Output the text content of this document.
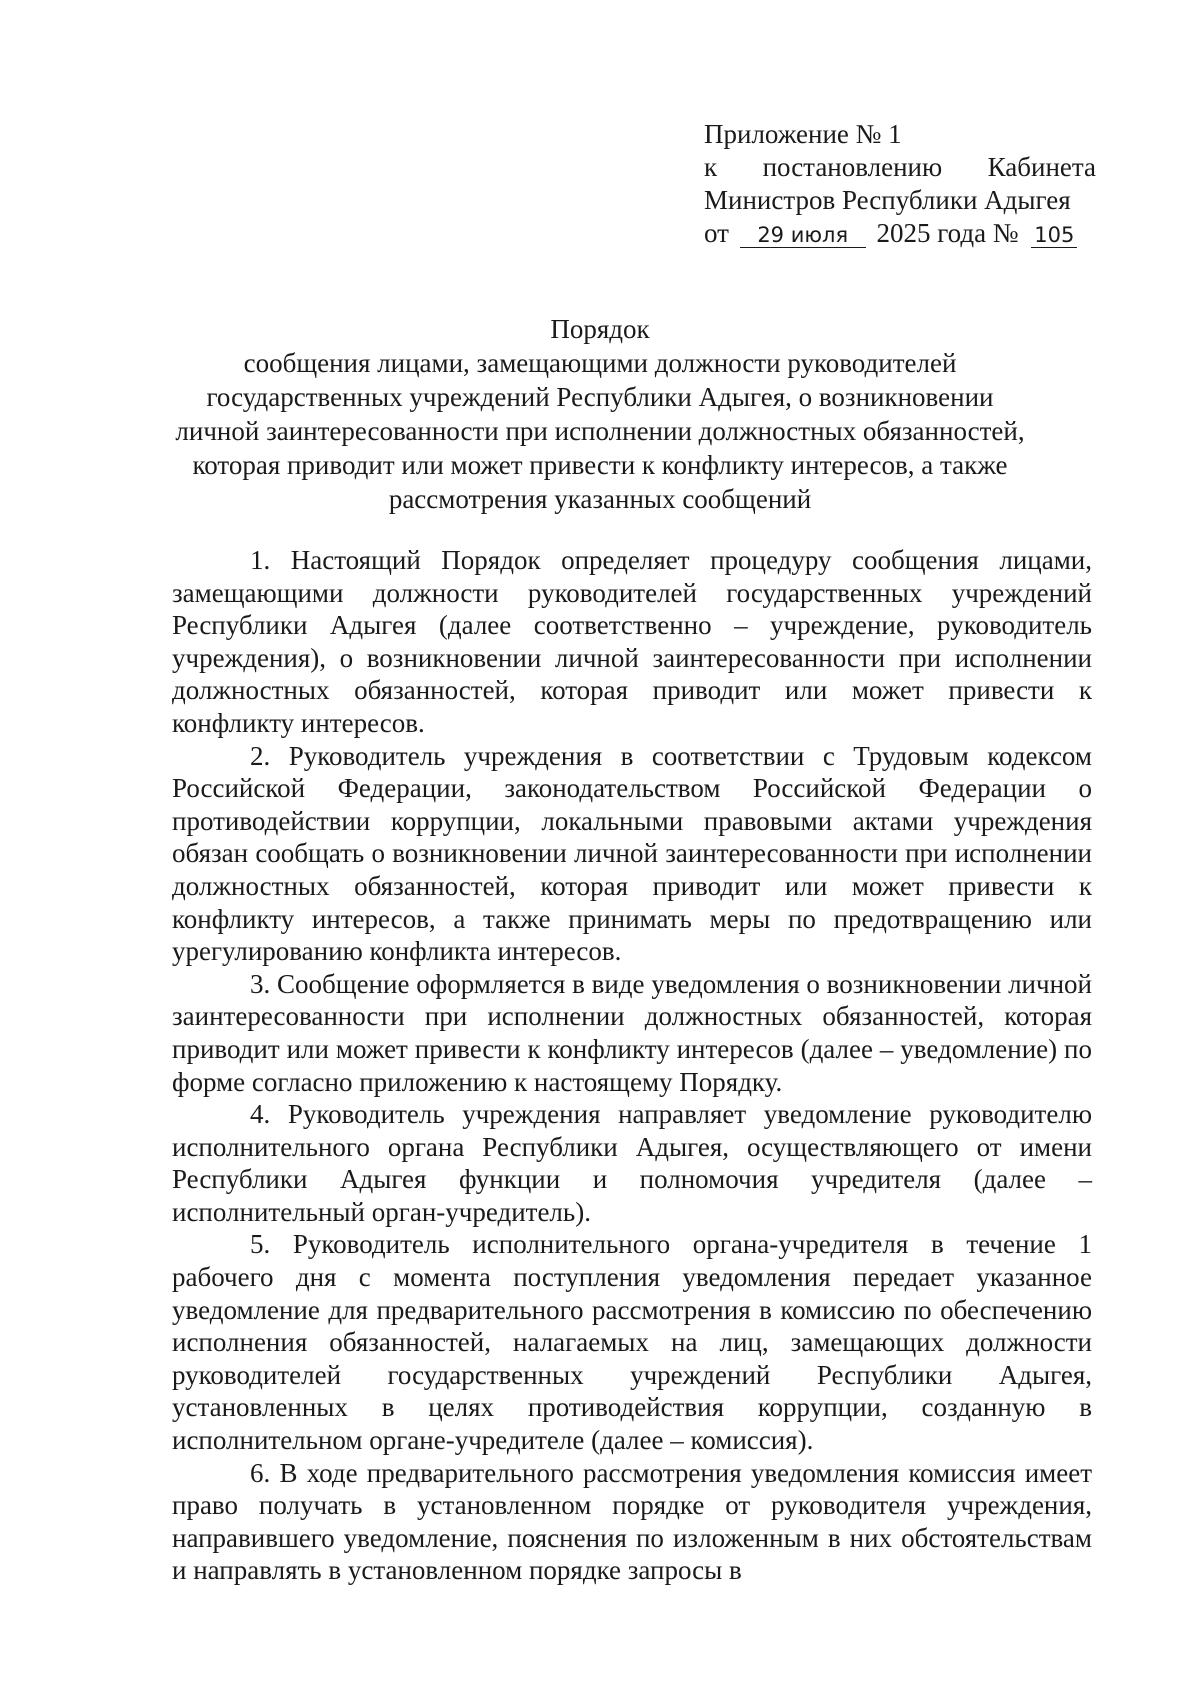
Приложение № 1
к постановлению Кабинета
Министров Республики Адыгея
от 29 июля 2025 года № 105
Порядок
сообщения лицами, замещающими должности руководителей
государственных учреждений Республики Адыгея, о возникновении
личной заинтересованности при исполнении должностных обязанностей,
которая приводит или может привести к конфликту интересов, а также
рассмотрения указанных сообщений

1. Настоящий Порядок определяет процедуру сообщения лицами, замещающими должности руководителей государственных учреждений Республики Адыгея (далее соответственно – учреждение, руководитель учреждения), о возникновении личной заинтересованности при исполнении должностных обязанностей, которая приводит или может привести к конфликту интересов.

2. Руководитель учреждения в соответствии с Трудовым кодексом Российской Федерации, законодательством Российской Федерации о противодействии коррупции, локальными правовыми актами учреждения обязан сообщать о возникновении личной заинтересованности при исполнении должностных обязанностей, которая приводит или может привести к конфликту интересов, а также принимать меры по предотвращению или урегулированию конфликта интересов.

3. Сообщение оформляется в виде уведомления о возникновении личной заинтересованности при исполнении должностных обязанностей, которая приводит или может привести к конфликту интересов (далее – уведомление) по форме согласно приложению к настоящему Порядку.

4. Руководитель учреждения направляет уведомление руководителю исполнительного органа Республики Адыгея, осуществляющего от имени Республики Адыгея функции и полномочия учредителя (далее – исполнительный орган-учредитель).

5. Руководитель исполнительного органа-учредителя в течение 1 рабочего дня с момента поступления уведомления передает указанное уведомление для предварительного рассмотрения в комиссию по обеспечению исполнения обязанностей, налагаемых на лиц, замещающих должности руководителей государственных учреждений Республики Адыгея, установленных в целях противодействия коррупции, созданную в исполнительном органе-учредителе (далее – комиссия).

6. В ходе предварительного рассмотрения уведомления комиссия имеет право получать в установленном порядке от руководителя учреждения, направившего уведомление, пояснения по изложенным в них обстоятельствам и направлять в установленном порядке запросы в
